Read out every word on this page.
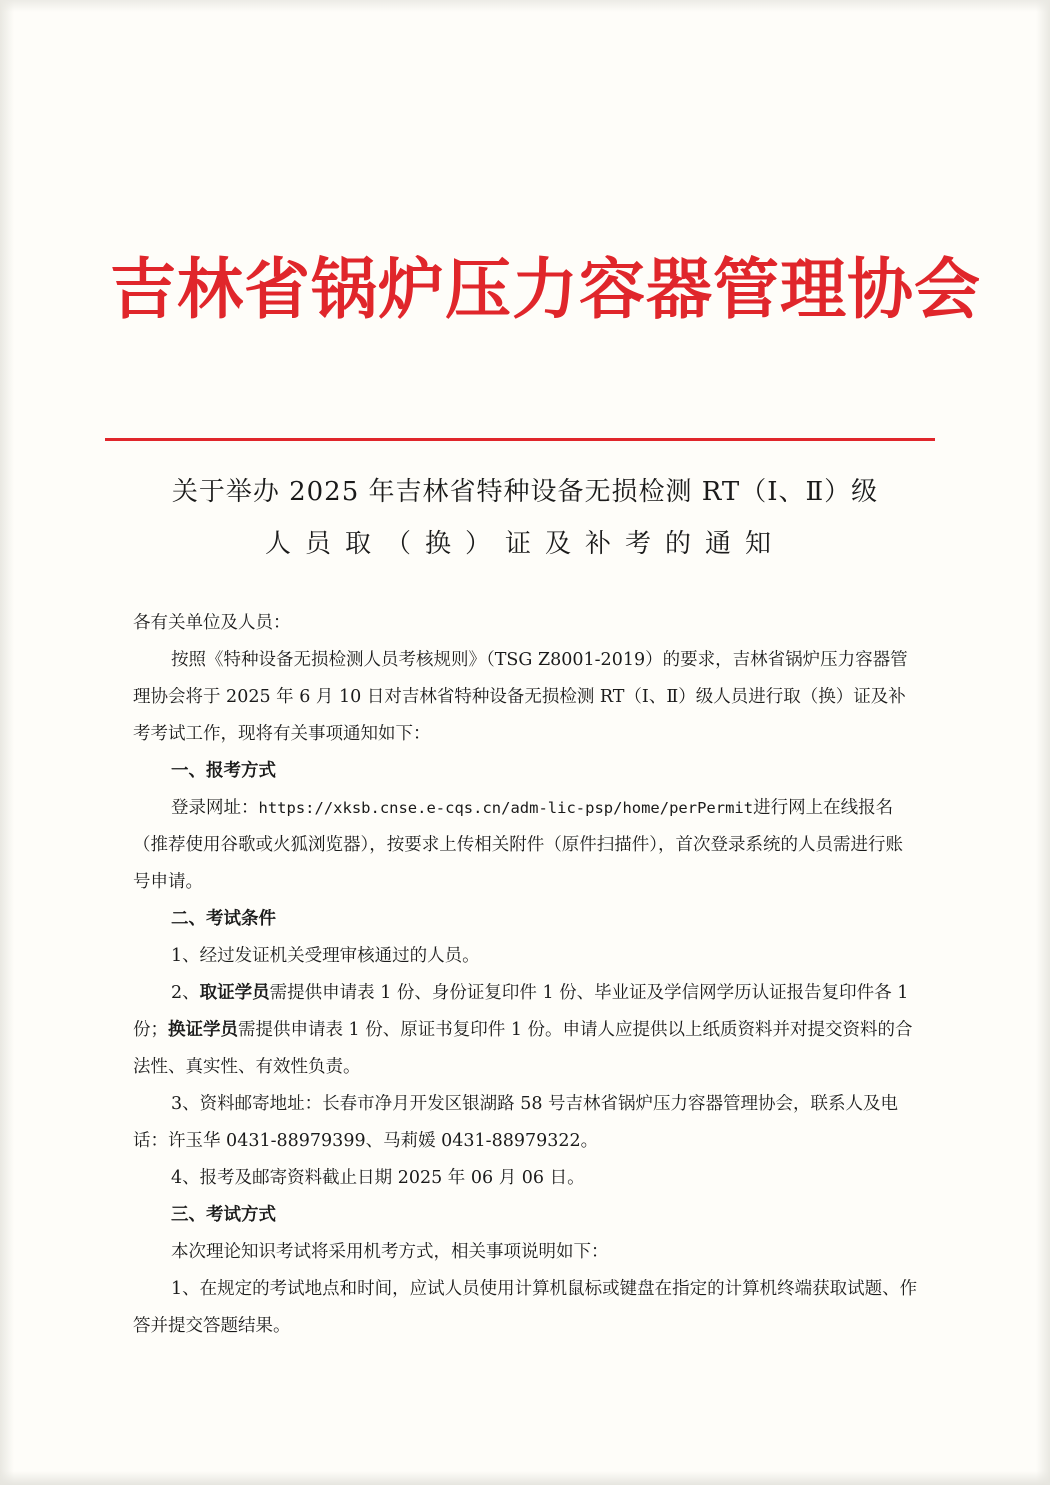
吉林省锅炉压力容器管理协会
关于举办 2025 年吉林省特种设备无损检测 RT（Ⅰ、Ⅱ）级
人员取（换）证及补考的通知

各有关单位及人员：

按照《特种设备无损检测人员考核规则》（TSG Z8001-2019）的要求，吉林省锅炉压力容器管理协会将于 2025 年 6 月 10 日对吉林省特种设备无损检测 RT（Ⅰ、Ⅱ）级人员进行取（换）证及补考考试工作，现将有关事项通知如下：

一、报考方式

登录网址：https://xksb.cnse.e-cqs.cn/adm-lic-psp/home/perPermit进行网上在线报名（推荐使用谷歌或火狐浏览器），按要求上传相关附件（原件扫描件），首次登录系统的人员需进行账号申请。

二、考试条件

1、经过发证机关受理审核通过的人员。

2、取证学员需提供申请表 1 份、身份证复印件 1 份、毕业证及学信网学历认证报告复印件各 1 份；换证学员需提供申请表 1 份、原证书复印件 1 份。申请人应提供以上纸质资料并对提交资料的合法性、真实性、有效性负责。

3、资料邮寄地址：长春市净月开发区银湖路 58 号吉林省锅炉压力容器管理协会，联系人及电话：许玉华 0431-88979399、马莉媛 0431-88979322。

4、报考及邮寄资料截止日期 2025 年 06 月 06 日。

三、考试方式

本次理论知识考试将采用机考方式，相关事项说明如下：

1、在规定的考试地点和时间，应试人员使用计算机鼠标或键盘在指定的计算机终端获取试题、作答并提交答题结果。
